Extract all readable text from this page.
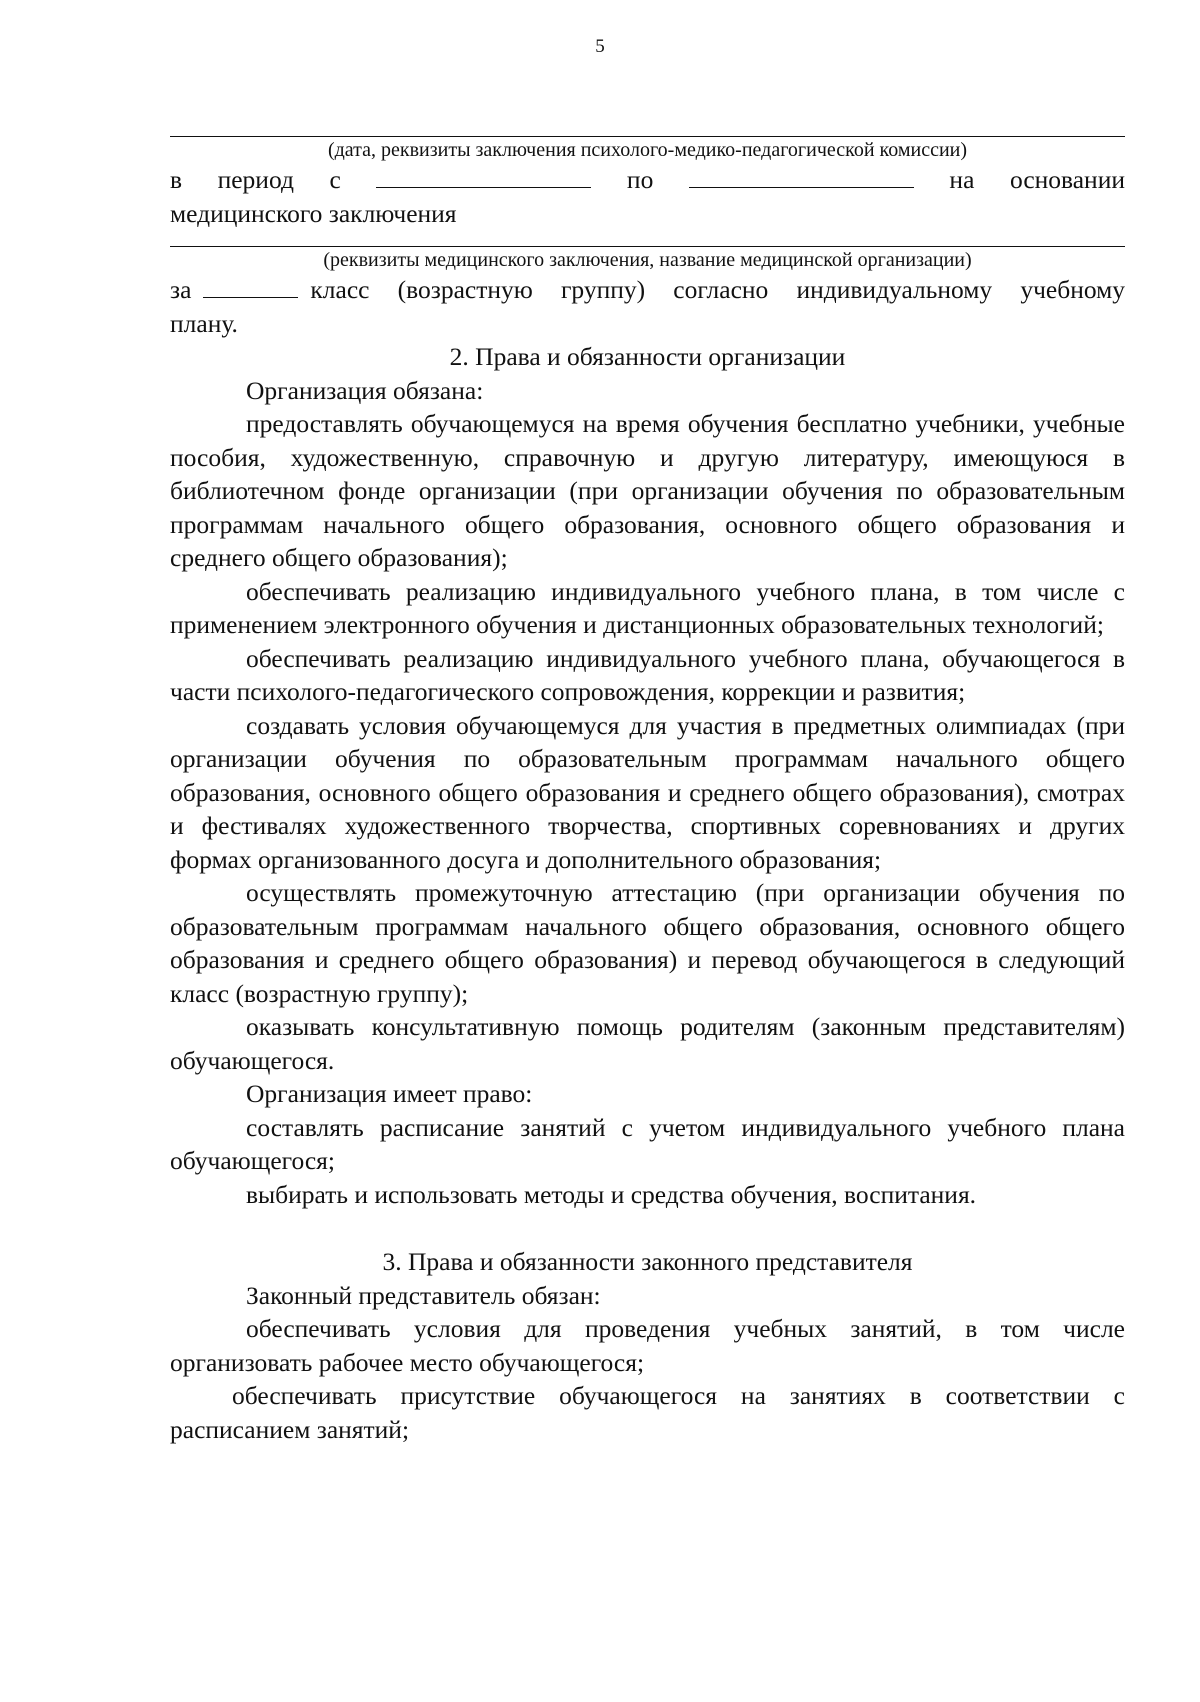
5
(дата, реквизиты заключения психолого-медико-педагогической комиссии)
в период с	по	на основании
медицинского заключения
(реквизиты медицинского заключения, название медицинской организации)
за	класс (возрастную группу) согласно индивидуальному учебному
плану.
2. Права и обязанности организации
Организация обязана:
предоставлять обучающемуся на время обучения бесплатно учебники, учебные пособия, художественную, справочную и другую литературу, имеющуюся в библиотечном фонде организации (при организации обучения по образовательным программам начального общего образования, основного общего образования и среднего общего образования);
обеспечивать реализацию индивидуального учебного плана, в том числе с применением электронного обучения и дистанционных образовательных технологий;
обеспечивать реализацию индивидуального учебного плана, обучающегося в части психолого-педагогического сопровождения, коррекции и развития;
создавать условия обучающемуся для участия в предметных олимпиадах (при организации обучения по образовательным программам начального общего образования, основного общего образования и среднего общего образования), смотрах и фестивалях художественного творчества, спортивных соревнованиях и других формах организованного досуга и дополнительного образования;
осуществлять промежуточную аттестацию (при организации обучения по образовательным программам начального общего образования, основного общего образования и среднего общего образования) и перевод обучающегося в следующий класс (возрастную группу);
оказывать консультативную помощь родителям (законным представителям) обучающегося.
Организация имеет право:
составлять расписание занятий с учетом индивидуального учебного плана обучающегося;
выбирать и использовать методы и средства обучения, воспитания.
3. Права и обязанности законного представителя
Законный представитель обязан:
обеспечивать условия для проведения учебных занятий, в том числе организовать рабочее место обучающегося;
обеспечивать присутствие обучающегося на занятиях в соответствии с расписанием занятий;
